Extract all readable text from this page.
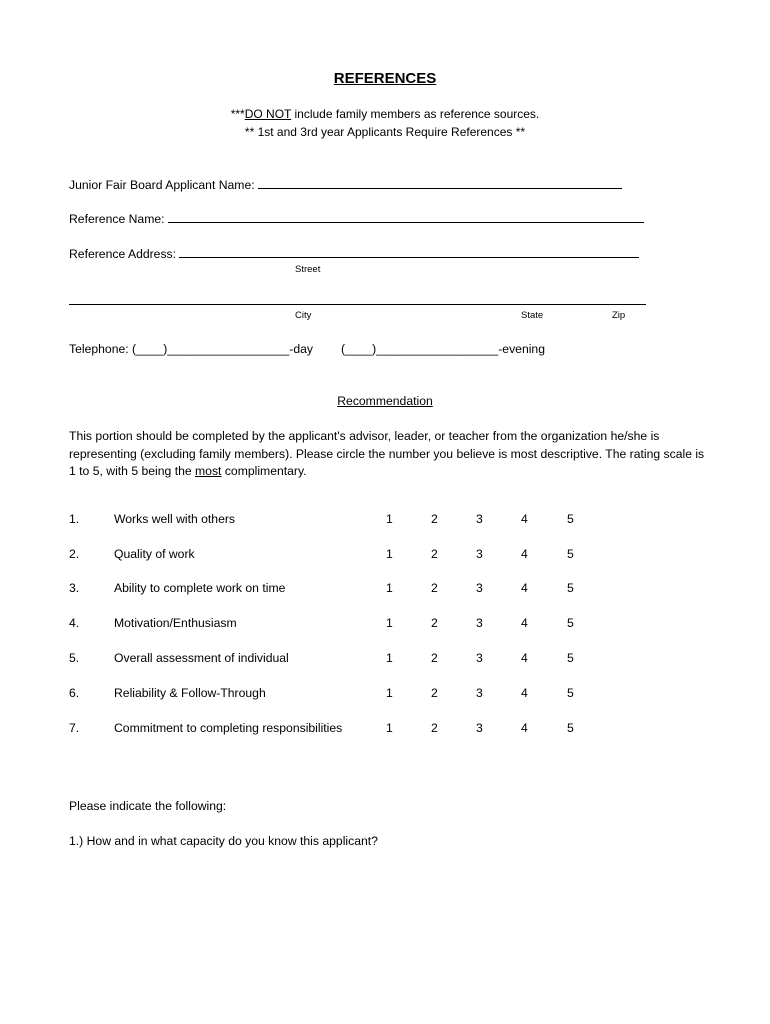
REFERENCES
***DO NOT include family members as reference sources.
** 1st and 3rd year Applicants Require References **
Junior Fair Board Applicant Name:
Reference Name:
Reference Address:
Street
City	State	Zip
Telephone: (____)__________________-day (____)__________________-evening
Recommendation
This portion should be completed by the applicant's advisor, leader, or teacher from the organization he/she is representing (excluding family members). Please circle the number you believe is most descriptive. The rating scale is 1 to 5, with 5 being the most complimentary.
1.	Works well with others	1	2	3	4	5
2.	Quality of work	1	2	3	4	5
3.	Ability to complete work on time	1	2	3	4	5
4.	Motivation/Enthusiasm	1	2	3	4	5
5.	Overall assessment of individual	1	2	3	4	5
6.	Reliability & Follow-Through	1	2	3	4	5
7.	Commitment to completing responsibilities	1	2	3	4	5
Please indicate the following:
1.) How and in what capacity do you know this applicant?
